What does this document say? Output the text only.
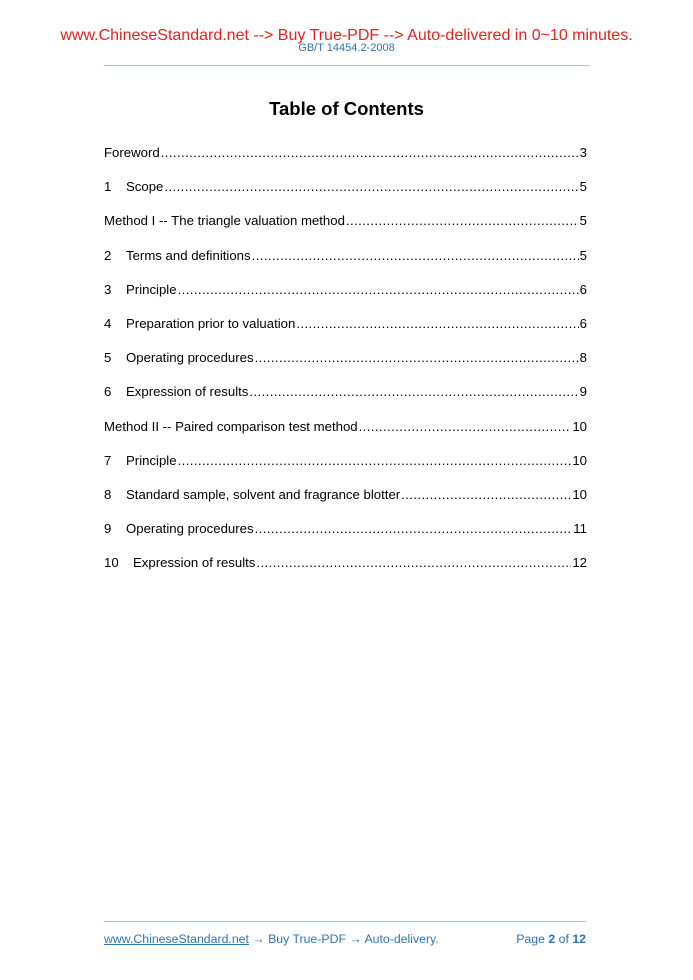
www.ChineseStandard.net --> Buy True-PDF --> Auto-delivered in 0~10 minutes.
GB/T 14454.2-2008
Table of Contents
Foreword .....	3
1	Scope .....	5
Method I -- The triangle valuation method .....	5
2	Terms and definitions .....	5
3	Principle .....	6
4	Preparation prior to valuation .....	6
5	Operating procedures .....	8
6	Expression of results .....	9
Method II -- Paired comparison test method .....	10
7	Principle .....	10
8	Standard sample, solvent and fragrance blotter .....	10
9	Operating procedures .....	11
10	Expression of results .....	12
www.ChineseStandard.net → Buy True-PDF → Auto-delivery.	Page 2 of 12
